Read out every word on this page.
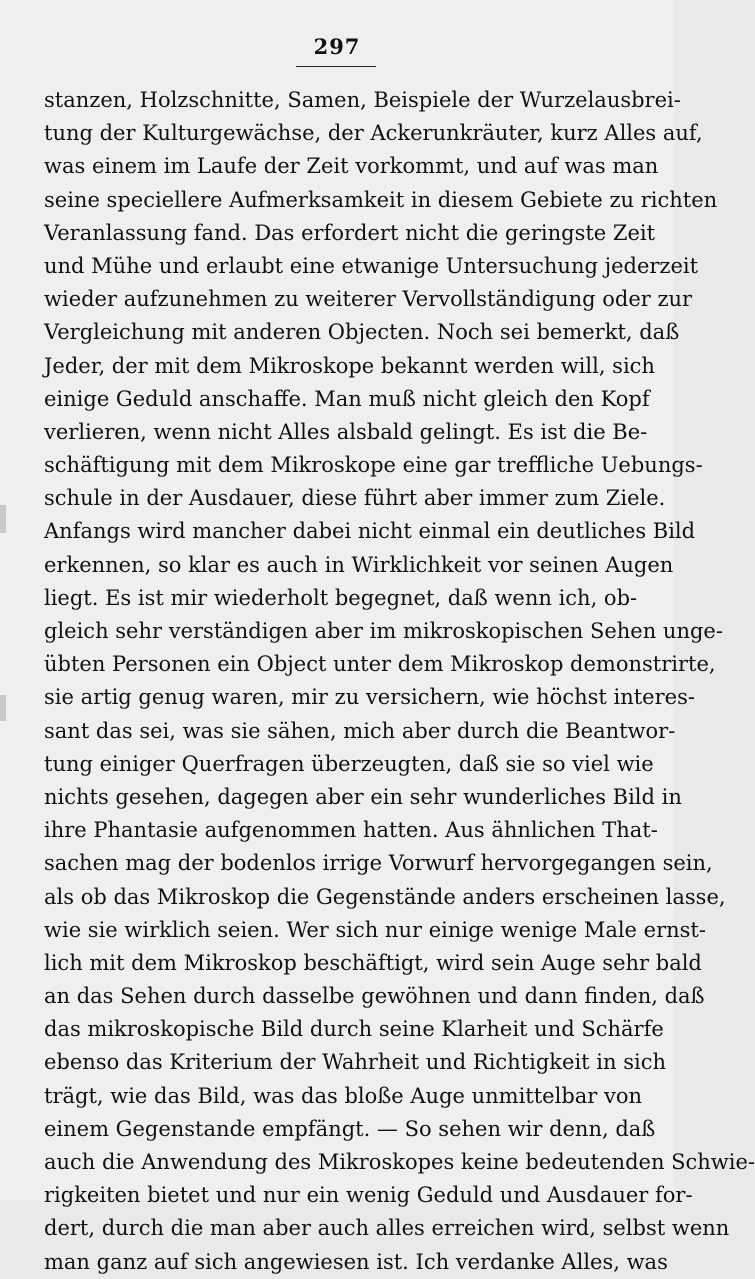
297
stanzen, Holzschnitte, Samen, Beispiele der Wurzelausbrei-
tung der Kulturgewächse, der Ackerunkräuter, kurz Alles auf,
was einem im Laufe der Zeit vorkommt, und auf was man
seine speciellere Aufmerksamkeit in diesem Gebiete zu richten
Veranlassung fand. Das erfordert nicht die geringste Zeit
und Mühe und erlaubt eine etwanige Untersuchung jederzeit
wieder aufzunehmen zu weiterer Vervollständigung oder zur
Vergleichung mit anderen Objecten. Noch sei bemerkt, daß
Jeder, der mit dem Mikroskope bekannt werden will, sich
einige Geduld anschaffe. Man muß nicht gleich den Kopf
verlieren, wenn nicht Alles alsbald gelingt. Es ist die Be-
schäftigung mit dem Mikroskope eine gar treffliche Uebungs-
schule in der Ausdauer, diese führt aber immer zum Ziele.
Anfangs wird mancher dabei nicht einmal ein deutliches Bild
erkennen, so klar es auch in Wirklichkeit vor seinen Augen
liegt. Es ist mir wiederholt begegnet, daß wenn ich, ob-
gleich sehr verständigen aber im mikroskopischen Sehen unge-
übten Personen ein Object unter dem Mikroskop demonstrirte,
sie artig genug waren, mir zu versichern, wie höchst interes-
sant das sei, was sie sähen, mich aber durch die Beantwor-
tung einiger Querfragen überzeugten, daß sie so viel wie
nichts gesehen, dagegen aber ein sehr wunderliches Bild in
ihre Phantasie aufgenommen hatten. Aus ähnlichen That-
sachen mag der bodenlos irrige Vorwurf hervorgegangen sein,
als ob das Mikroskop die Gegenstände anders erscheinen lasse,
wie sie wirklich seien. Wer sich nur einige wenige Male ernst-
lich mit dem Mikroskop beschäftigt, wird sein Auge sehr bald
an das Sehen durch dasselbe gewöhnen und dann finden, daß
das mikroskopische Bild durch seine Klarheit und Schärfe
ebenso das Kriterium der Wahrheit und Richtigkeit in sich
trägt, wie das Bild, was das bloße Auge unmittelbar von
einem Gegenstande empfängt. — So sehen wir denn, daß
auch die Anwendung des Mikroskopes keine bedeutenden Schwie-
rigkeiten bietet und nur ein wenig Geduld und Ausdauer for-
dert, durch die man aber auch alles erreichen wird, selbst wenn
man ganz auf sich angewiesen ist. Ich verdanke Alles, was
